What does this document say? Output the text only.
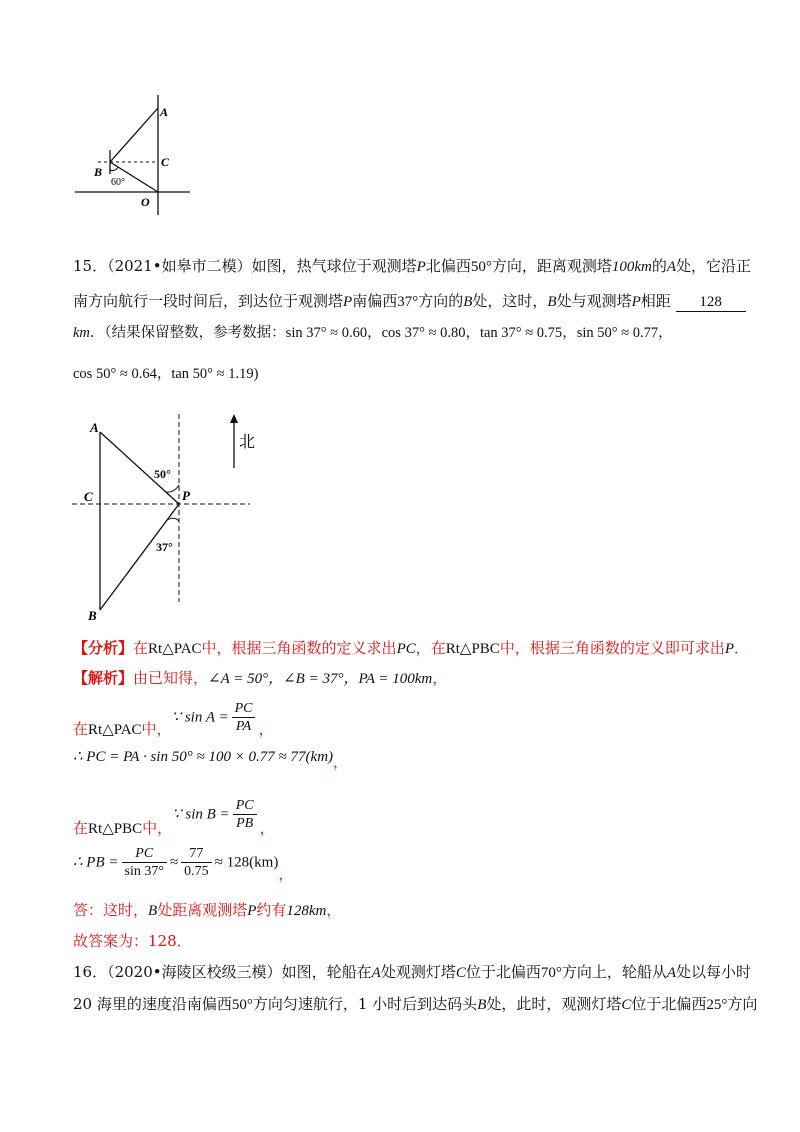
A
C
B
O
60°
15．（2021•如皋市二模）如图，热气球位于观测塔P北偏西50°方向，距离观测塔100km的A处，它沿正
南方向航行一段时间后，到达位于观测塔P南偏西37°方向的B处，这时，B处与观测塔P相距 128
km．（结果保留整数，参考数据：sin 37° ≈ 0.60，cos 37° ≈ 0.80，tan 37° ≈ 0.75，sin 50° ≈ 0.77，
cos 50° ≈ 0.64，tan 50° ≈ 1.19)
A
C	P
B
50°
37°
北
【分析】在Rt△PAC中，根据三角函数的定义求出PC，在Rt△PBC中，根据三角函数的定义即可求出P．
【解析】由已知得，∠A = 50°，∠B = 37°，PA = 100km，
在Rt△PAC中，∵ $\sin A = \frac{PC}{PA}$ ，
∴ PC = PA · sin 50° ≈ 100 × 0.77 ≈ 77(km)，
在Rt△PBC中，∵ $\sin B = \frac{PC}{PB}$ ，
∴ PB = $\frac{PC}{\sin 37^\circ} \approx \frac{77}{0.75} \approx 128(km)$，
答：这时，B处距离观测塔P约有128km，
故答案为：128．
16．（2020•海陵区校级三模）如图，轮船在A处观测灯塔C位于北偏西70°方向上，轮船从A处以每小时
20 海里的速度沿南偏西50°方向匀速航行，1 小时后到达码头B处，此时，观测灯塔C位于北偏西25°方向
